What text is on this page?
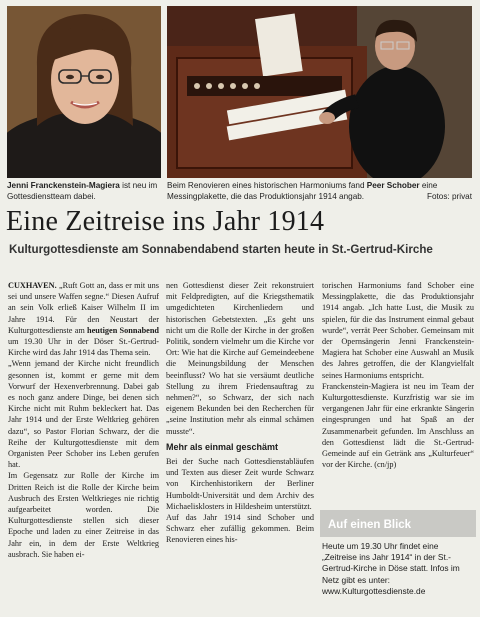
Jenni Franckenstein-Magiera ist neu im Gottesdienstteam dabei.
Beim Renovieren eines historischen Harmoniums fand Peer Schober eine Messingplakette, die das Produktionsjahr 1914 angab.	Fotos: privat
Eine Zeitreise ins Jahr 1914
Kulturgottesdienste am Sonnabendabend starten heute in St.-Gertrud-Kirche

CUXHAVEN. „Ruft Gott an, dass er mit uns sei und unsere Waffen segne.“ Diesen Aufruf an sein Volk erließ Kaiser Wilhelm II im Jahre 1914. Für den Neustart der Kulturgottesdienste am heutigen Sonnabend um 19.30 Uhr in der Döser St.-Gertrud-Kirche wird das Jahr 1914 das Thema sein.

„Wenn jemand der Kirche nicht freundlich gesonnen ist, kommt er gerne mit dem Vorwurf der Hexenverbrennung. Dabei gab es noch ganz andere Dinge, bei denen sich Kirche nicht mit Ruhm bekleckert hat. Das Jahr 1914 und der Erste Weltkrieg gehören dazu“, so Pastor Florian Schwarz, der die Reihe der Kulturgottesdienste mit dem Organisten Peer Schober ins Leben gerufen hat.

Im Gegensatz zur Rolle der Kirche im Dritten Reich ist die Rolle der Kirche beim Ausbruch des Ersten Weltkrieges nie richtig aufgearbeitet worden. Die Kulturgottesdienste stellen sich dieser Epoche und laden zu einer Zeitreise in das Jahr ein, in dem der Erste Weltkrieg ausbrach. Sie haben ei-

nen Gottesdienst dieser Zeit rekonstruiert mit Feldpredigten, auf die Kriegsthematik umgedichteten Kirchenliedern und historischen Gebetstexten. „Es geht uns nicht um die Rolle der Kirche in der großen Politik, sondern vielmehr um die Kirche vor Ort: Wie hat die Kirche auf Gemeindeebene die Meinungsbildung der Menschen beeinflusst? Wo hat sie versäumt deutliche Stellung zu ihrem Friedensauftrag zu nehmen?“, so Schwarz, der sich nach eigenem Bekunden bei den Recherchen für „seine Institution mehr als einmal schämen musste“.

Mehr als einmal geschämt

Bei der Suche nach Gottesdienstabläufen und Texten aus dieser Zeit wurde Schwarz von Kirchenhistorikern der Berliner Humboldt-Universität und dem Archiv des Michaelisklosters in Hildesheim unterstützt.

Auf das Jahr 1914 sind Schober und Schwarz eher zufällig gekommen. Beim Renovieren eines his-

torischen Harmoniums fand Schober eine Messingplakette, die das Produktionsjahr 1914 angab. „Ich hatte Lust, die Musik zu spielen, für die das Instrument einmal gebaut wurde“, verrät Peer Schober. Gemeinsam mit der Opernsängerin Jenni Franckenstein-Magiera hat Schober eine Auswahl an Musik des Jahres getroffen, die der Klangvielfalt seines Harmoniums entspricht.

Franckenstein-Magiera ist neu im Team der Kulturgottesdienste. Kurzfristig war sie im vergangenen Jahr für eine erkrankte Sängerin eingesprungen und hat Spaß an der Zusammenarbeit gefunden. Im Anschluss an den Gottesdienst lädt die St.-Gertrud-Gemeinde auf ein Getränk ans „Kulturfeuer“ vor der Kirche. (cn/jp)

Auf einen Blick
Heute um 19.30 Uhr findet eine „Zeitreise ins Jahr 1914“ in der St.-Gertrud-Kirche in Döse statt. Infos im Netz gibt es unter: www.Kulturgottesdienste.de
